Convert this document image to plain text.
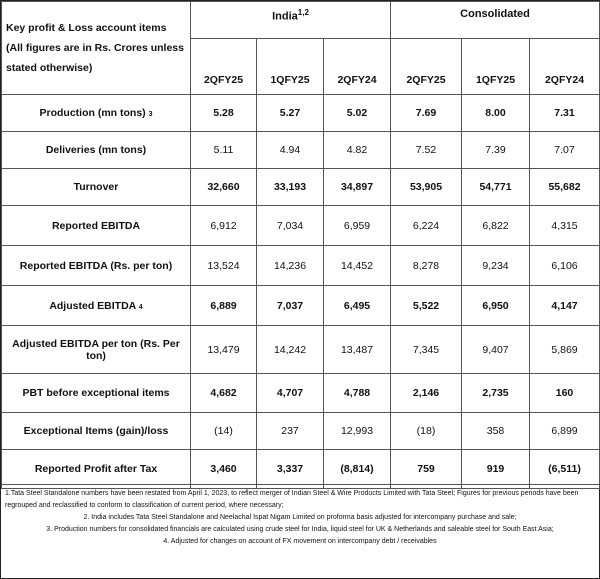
Key profit & Loss account items (All figures are in Rs. Crores unless stated otherwise)	India$^{1,2}$			Consolidated		
	2QFY25	1QFY25	2QFY24	2QFY25	1QFY25	2QFY24
Production (mn tons) 3	5.28	5.27	5.02	7.69	8.00	7.31
Deliveries (mn tons)	5.11	4.94	4.82	7.52	7.39	7.07
Turnover	32,660	33,193	34,897	53,905	54,771	55,682
Reported EBITDA	6,912	7,034	6,959	6,224	6,822	4,315
Reported EBITDA (Rs. per ton)	13,524	14,236	14,452	8,278	9,234	6,106
Adjusted EBITDA 4	6,889	7,037	6,495	5,522	6,950	4,147
Adjusted EBITDA per ton (Rs. Per ton)	13,479	14,242	13,487	7,345	9,407	5,869
PBT before exceptional items	4,682	4,707	4,788	2,146	2,735	160
Exceptional Items (gain)/loss	(14)	237	12,993	(18)	358	6,899
Reported Profit after Tax	3,460	3,337	(8,814)	759	919	(6,511)
1.Tata Steel Standalone numbers have been restated from April 1, 2023, to reflect merger of Indian Steel & Wire Products Limited with Tata Steel; Figures for previous periods have been regrouped and reclassified to conform to classification of current period, where necessary;
2. India includes Tata Steel Standalone and Neelachal Ispat Nigam Limited on proforma basis adjusted for intercompany purchase and sale;
3. Production numbers for consolidated financials are calculated using crude steel for India, liquid steel for UK & Netherlands and saleable steel for South East Asia;
4. Adjusted for changes on account of FX movement on intercompany debt / receivables
